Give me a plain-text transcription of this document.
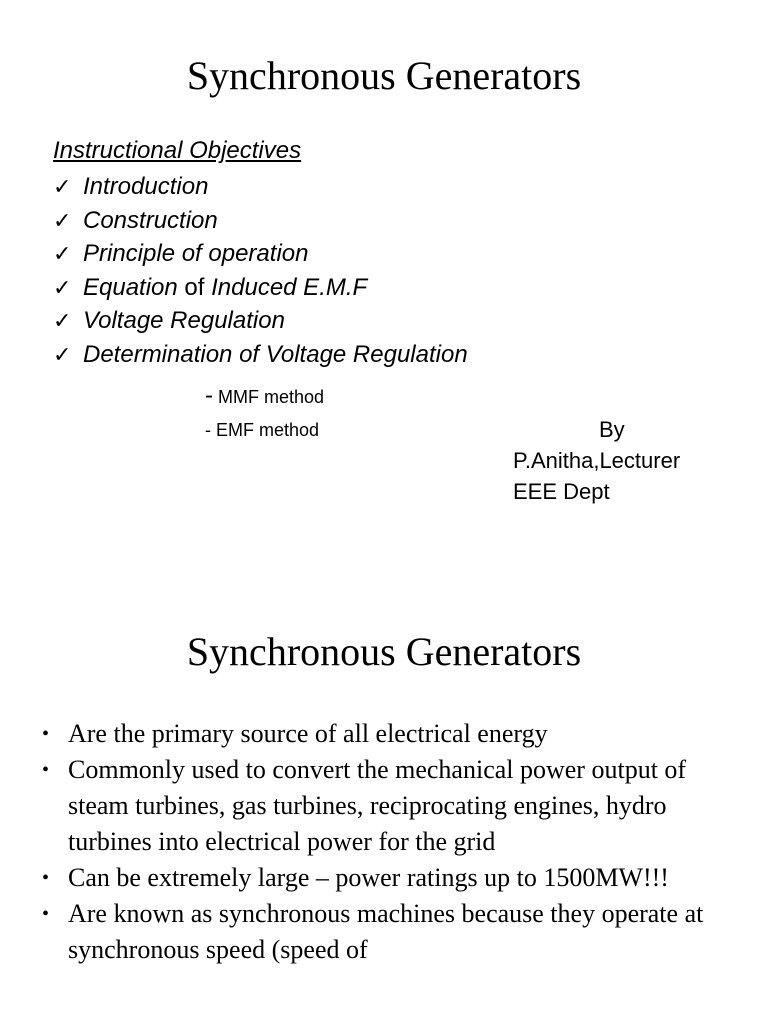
Synchronous Generators
Instructional Objectives
✓ Introduction
✓ Construction
✓ Principle of operation
✓ Equation of Induced E.M.F
✓ Voltage Regulation
✓ Determination of Voltage Regulation
- MMF method
- EMF method	By
P.Anitha,Lecturer
EEE Dept
Synchronous Generators
• Are the primary source of all electrical energy
• Commonly used to convert the mechanical power output of steam turbines, gas turbines, reciprocating engines, hydro turbines into electrical power for the grid
• Can be extremely large – power ratings up to 1500MW!!!
• Are known as synchronous machines because they operate at synchronous speed (speed of
